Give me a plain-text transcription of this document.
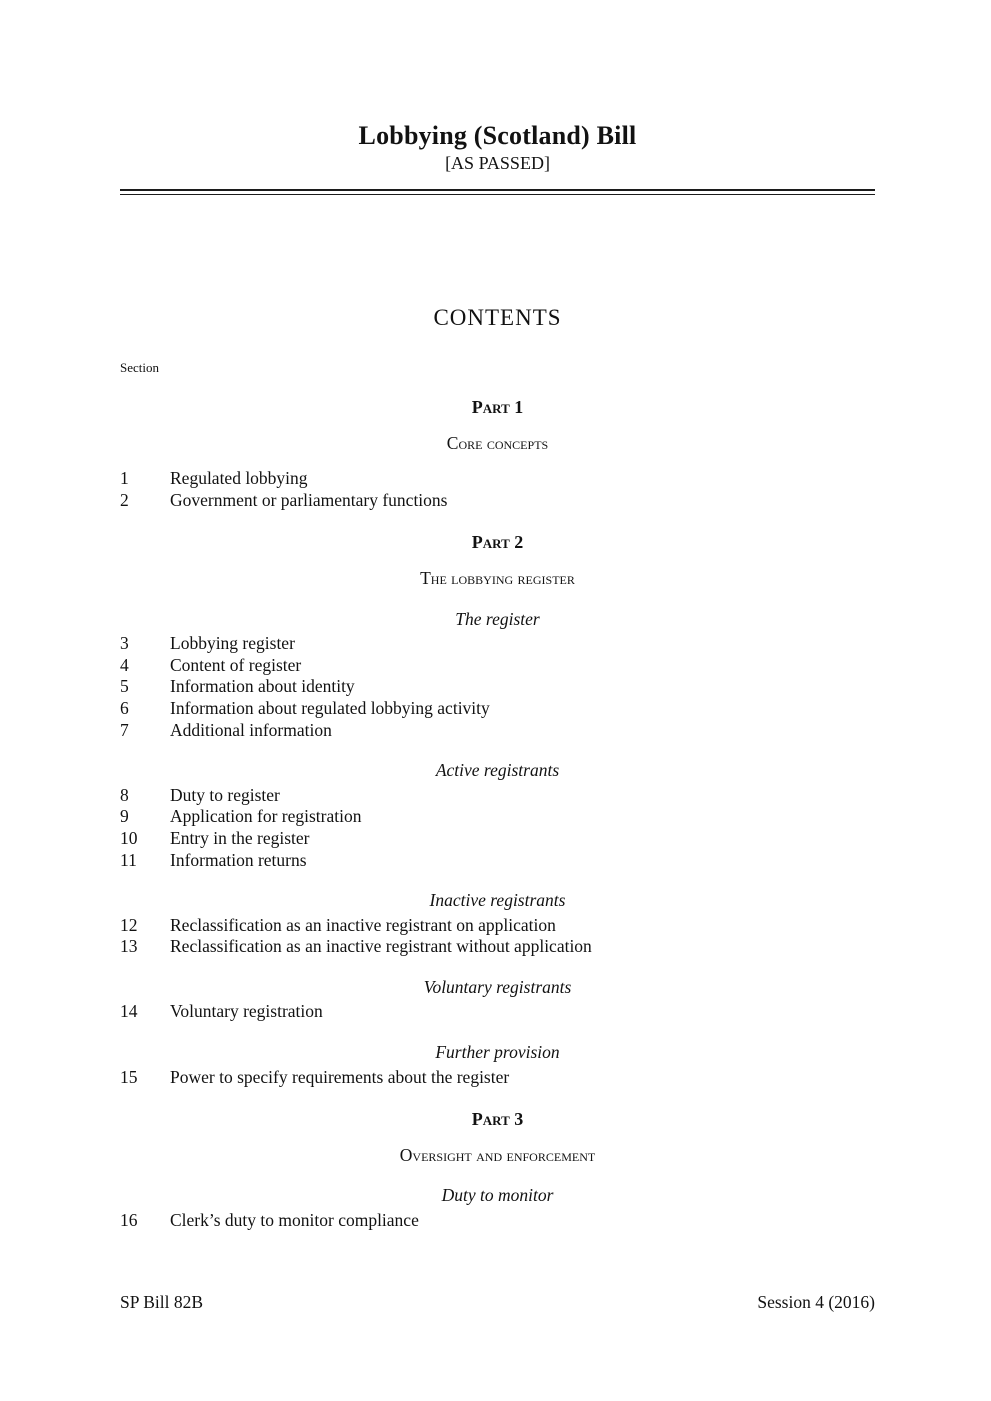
Lobbying (Scotland) Bill
[AS PASSED]
CONTENTS
Section
Part 1
Core concepts
1	Regulated lobbying
2	Government or parliamentary functions
Part 2
The lobbying register
The register
3	Lobbying register
4	Content of register
5	Information about identity
6	Information about regulated lobbying activity
7	Additional information
Active registrants
8	Duty to register
9	Application for registration
10	Entry in the register
11	Information returns
Inactive registrants
12	Reclassification as an inactive registrant on application
13	Reclassification as an inactive registrant without application
Voluntary registrants
14	Voluntary registration
Further provision
15	Power to specify requirements about the register
Part 3
Oversight and enforcement
Duty to monitor
16	Clerk’s duty to monitor compliance
SP Bill 82B	Session 4 (2016)
